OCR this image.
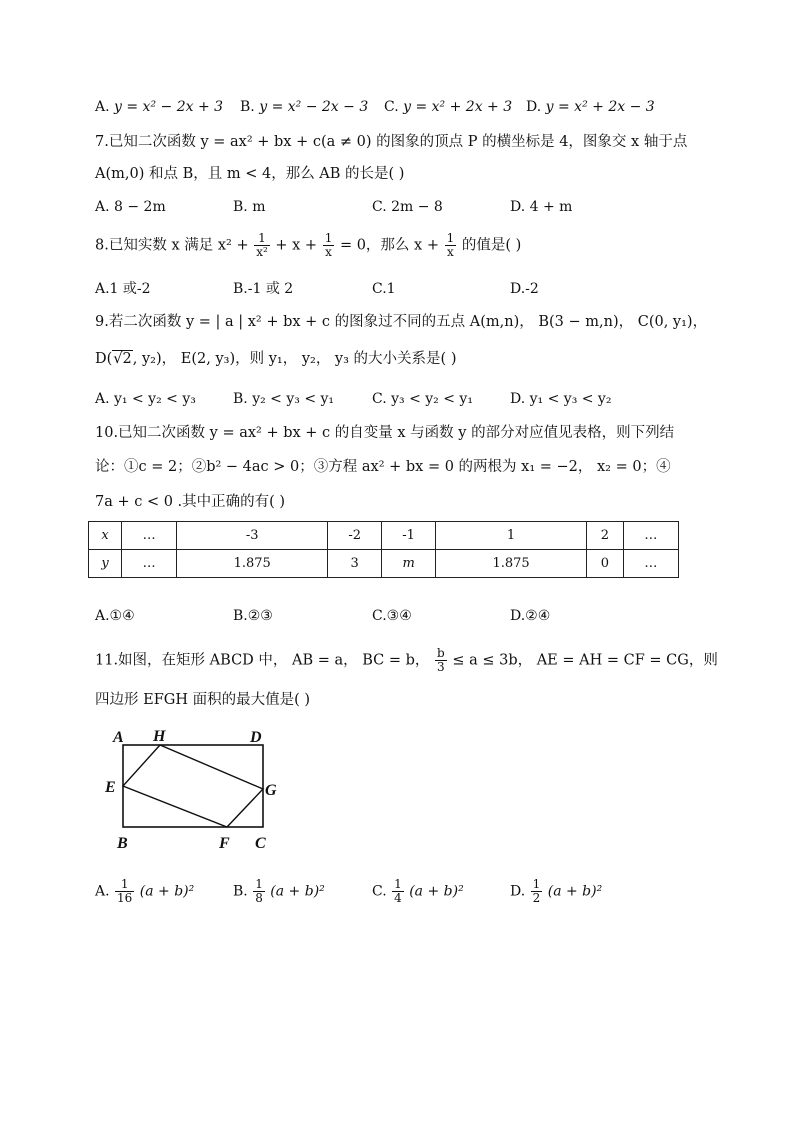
A. y = x² − 2x + 3 B. y = x² − 2x − 3 C. y = x² + 2x + 3 D. y = x² + 2x − 3
7.已知二次函数 y = ax² + bx + c(a ≠ 0) 的图象的顶点 P 的横坐标是 4，图象交 x 轴于点
A(m,0) 和点 B，且 m < 4，那么 AB 的长是( )
A. 8 − 2m	B. m	C. 2m − 8	D. 4 + m
8.已知实数 x 满足 $x^2 + \frac{1}{\text{x²}} + x + \frac{1}{x} = 0$，那么 $x + \frac{1}{x}$ 的值是( )
A.1 或-2	B.-1 或 2	C.1	D.-2
9.若二次函数 y = | a | x² + bx + c 的图象过不同的五点 A(m,n)， B(3 − m,n)， C(0, y₁)，
D(√2, y₂)， E(2, y₃)，则 y₁， y₂， y₃ 的大小关系是( )
A. y₁ < y₂ < y₃	B. y₂ < y₃ < y₁	C. y₃ < y₂ < y₁	D. y₁ < y₃ < y₂
10.已知二次函数 y = ax² + bx + c 的自变量 x 与函数 y 的部分对应值见表格，则下列结
论：①c = 2；②b² − 4ac > 0；③方程 ax² + bx = 0 的两根为 x₁ = −2， x₂ = 0；④
7a + c < 0 .其中正确的有( )
x	…	-3	-2	-1	1	2	…
y	…	1.875	3	m	1.875	0	…
A.①④	B.②③	C.③④	D.②④
11.如图，在矩形 ABCD 中， AB = a， BC = b， $\frac{b}{3} \le a \le 3b$， AE = AH = CF = CG，则
四边形 EFGH 面积的最大值是( )
A H	D
E	G
B	F C
A. $\frac{1}{16} (a + b)^2$	B. $\frac{1}{8} (a + b)^2$	C. $\frac{1}{4} (a + b)^2$	D. $\frac{1}{2} (a + b)^2$
